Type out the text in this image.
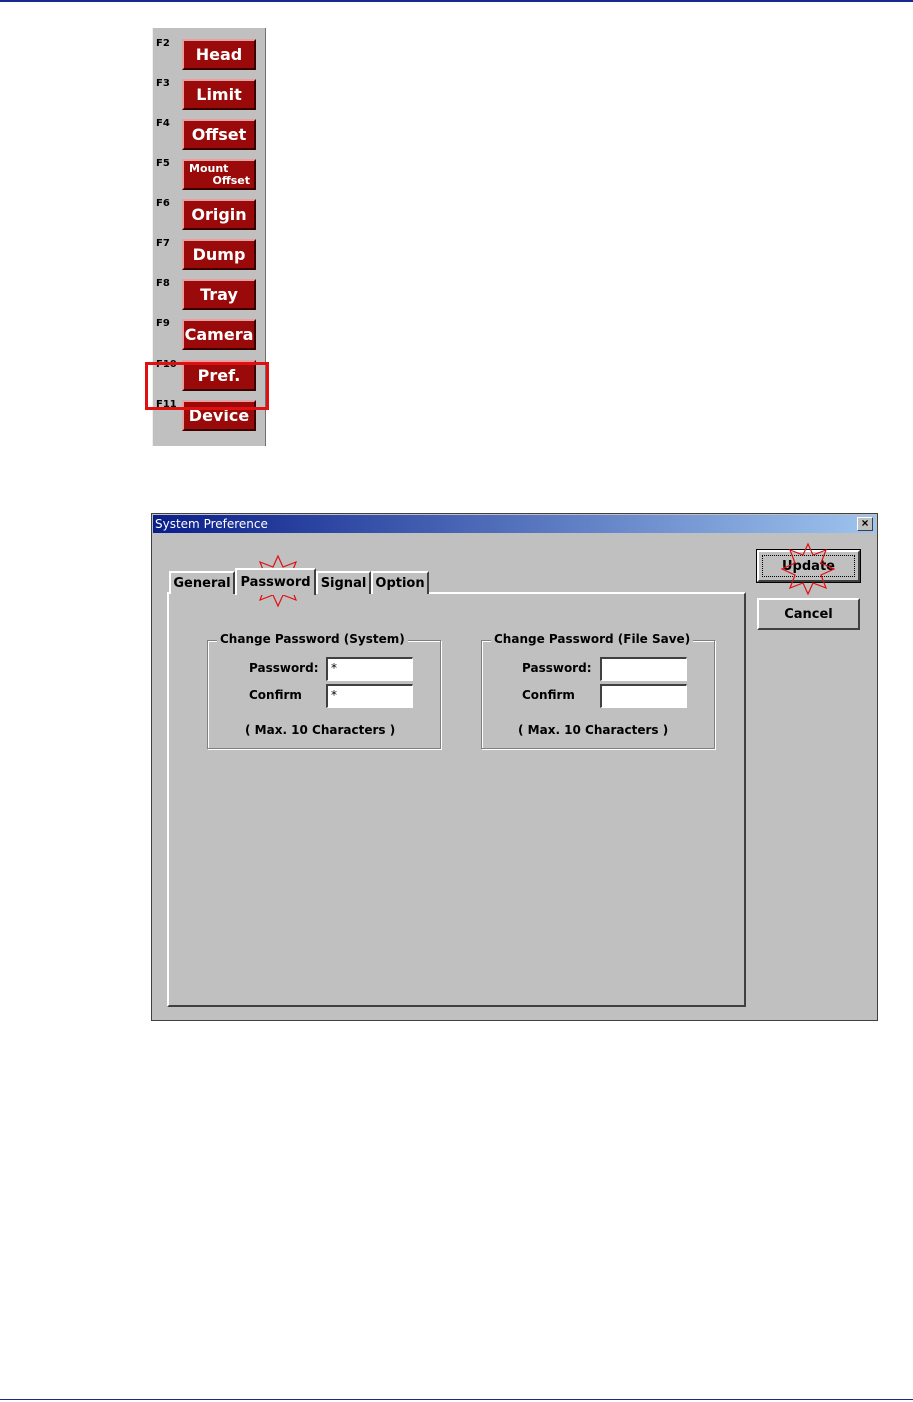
F2
Head
F3
Limit
F4
Offset
F5	Mount
Offset
F6
Origin
F7
Dump
F8
Tray
F9
Camera
F10
Pref.
F11
Device
System Preference	×
General Password Signal Option
Change Password (System)
Password:	*
Confirm	*
( Max. 10 Characters )
Change Password (File Save)
Password:
Confirm
( Max. 10 Characters )
Update
Cancel
